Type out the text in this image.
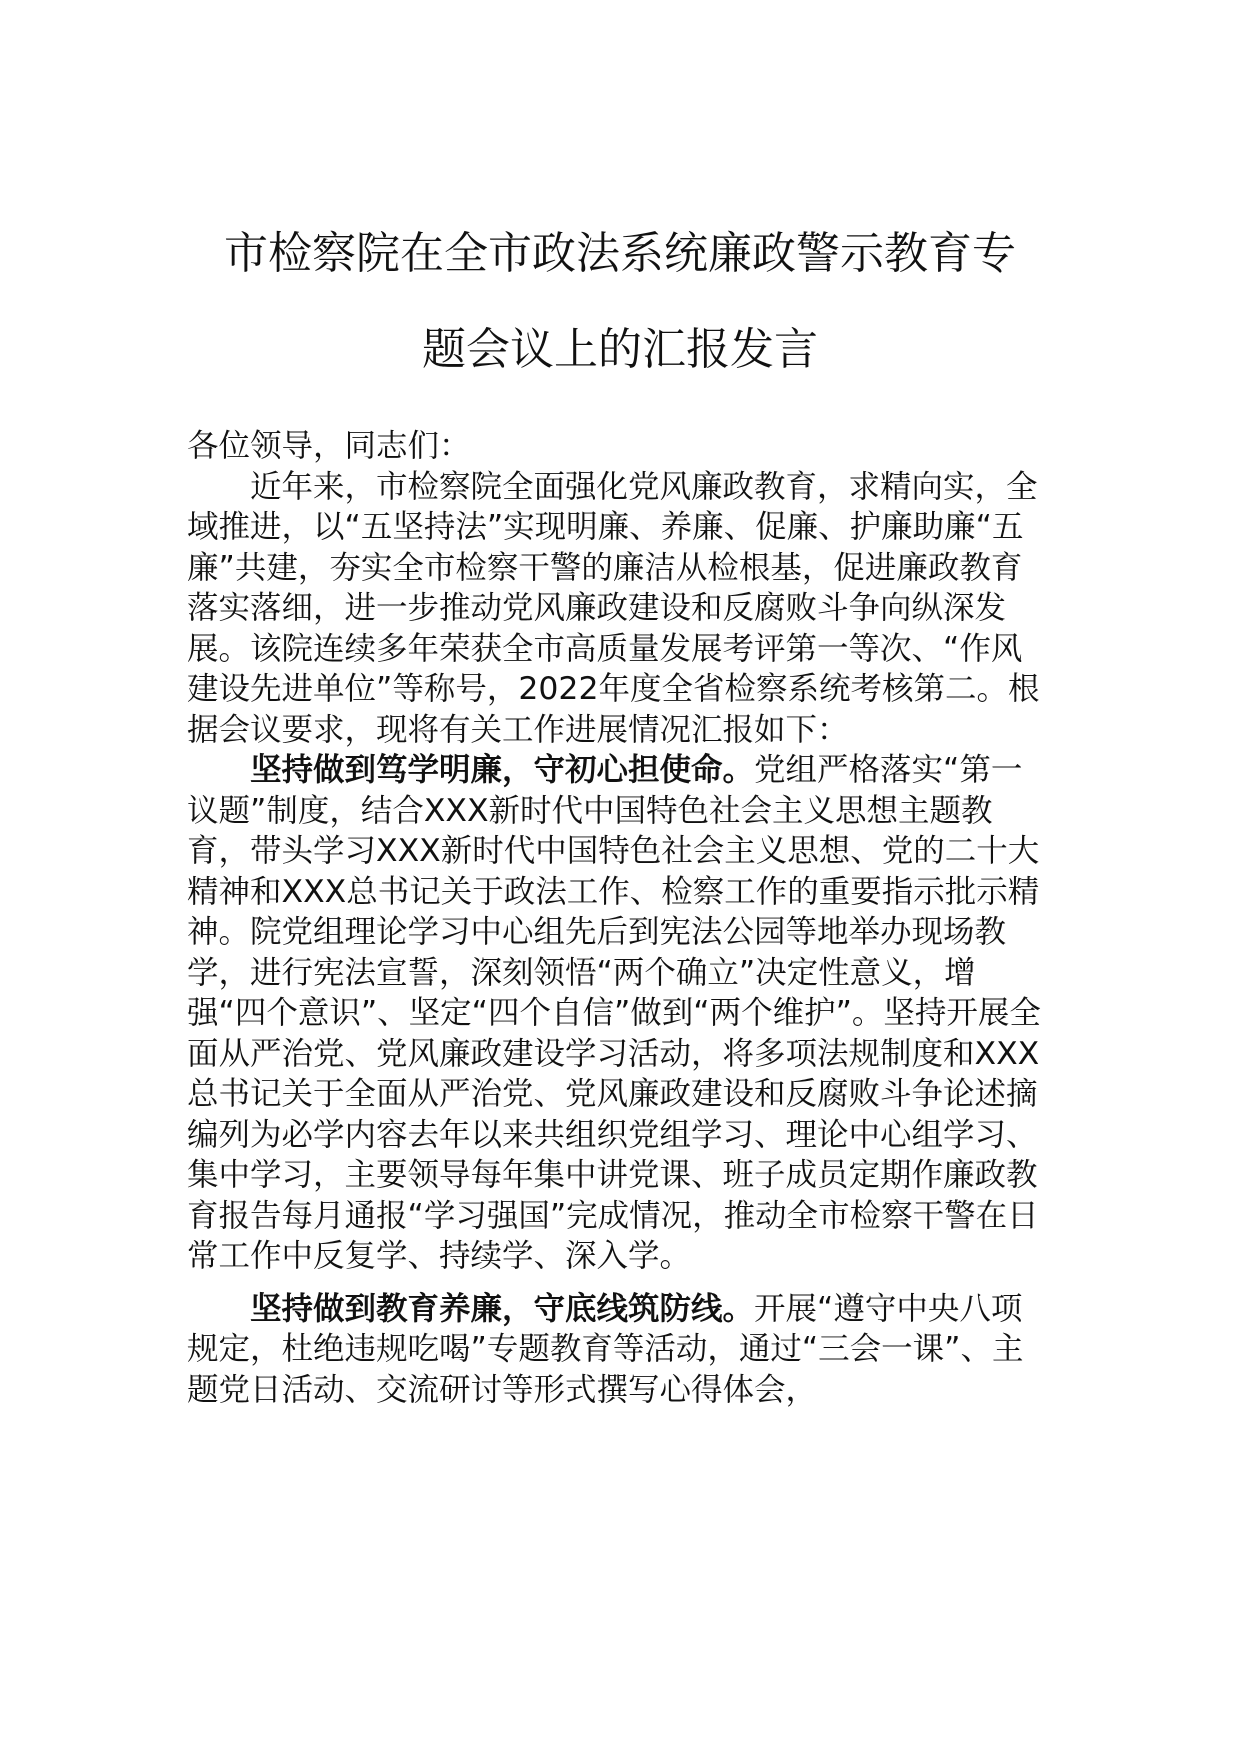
市检察院在全市政法系统廉政警示教育专
题会议上的汇报发言

各位领导，同志们：

近年来，市检察院全面强化党风廉政教育，求精向实，全域推进，以“五坚持法”实现明廉、养廉、促廉、护廉助廉“五廉”共建，夯实全市检察干警的廉洁从检根基，促进廉政教育落实落细，进一步推动党风廉政建设和反腐败斗争向纵深发展。该院连续多年荣获全市高质量发展考评第一等次、“作风建设先进单位”等称号，2022年度全省检察系统考核第二。根据会议要求，现将有关工作进展情况汇报如下：

坚持做到笃学明廉，守初心担使命。党组严格落实“第一议题”制度，结合XXX新时代中国特色社会主义思想主题教育，带头学习XXX新时代中国特色社会主义思想、党的二十大精神和XXX总书记关于政法工作、检察工作的重要指示批示精神。院党组理论学习中心组先后到宪法公园等地举办现场教学，进行宪法宣誓，深刻领悟“两个确立”决定性意义，增强“四个意识”、坚定“四个自信”做到“两个维护”。坚持开展全面从严治党、党风廉政建设学习活动，将多项法规制度和XXX总书记关于全面从严治党、党风廉政建设和反腐败斗争论述摘编列为必学内容去年以来共组织党组学习、理论中心组学习、集中学习，主要领导每年集中讲党课、班子成员定期作廉政教育报告每月通报“学习强国”完成情况，推动全市检察干警在日常工作中反复学、持续学、深入学。

坚持做到教育养廉，守底线筑防线。开展“遵守中央八项规定，杜绝违规吃喝”专题教育等活动，通过“三会一课”、主题党日活动、交流研讨等形式撰写心得体会，
